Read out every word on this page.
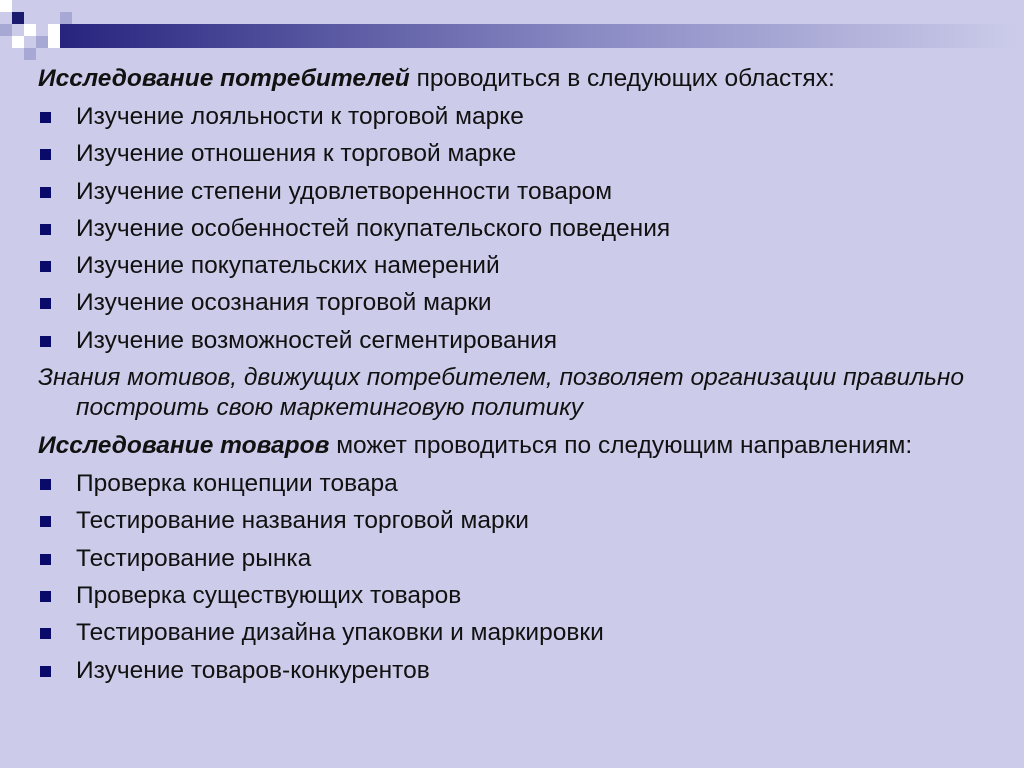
Исследование потребителей проводиться в следующих областях:

Изучение лояльности к торговой марке
Изучение отношения к торговой марке
Изучение степени удовлетворенности товаром
Изучение особенностей покупательского поведения
Изучение покупательских намерений
Изучение осознания торговой марки
Изучение возможностей сегментирования

Знания мотивов, движущих потребителем, позволяет организации правильно построить свою маркетинговую политику

Исследование товаров может проводиться по следующим направлениям:

Проверка концепции товара
Тестирование названия торговой марки
Тестирование рынка
Проверка существующих товаров
Тестирование дизайна упаковки и маркировки
Изучение товаров-конкурентов
